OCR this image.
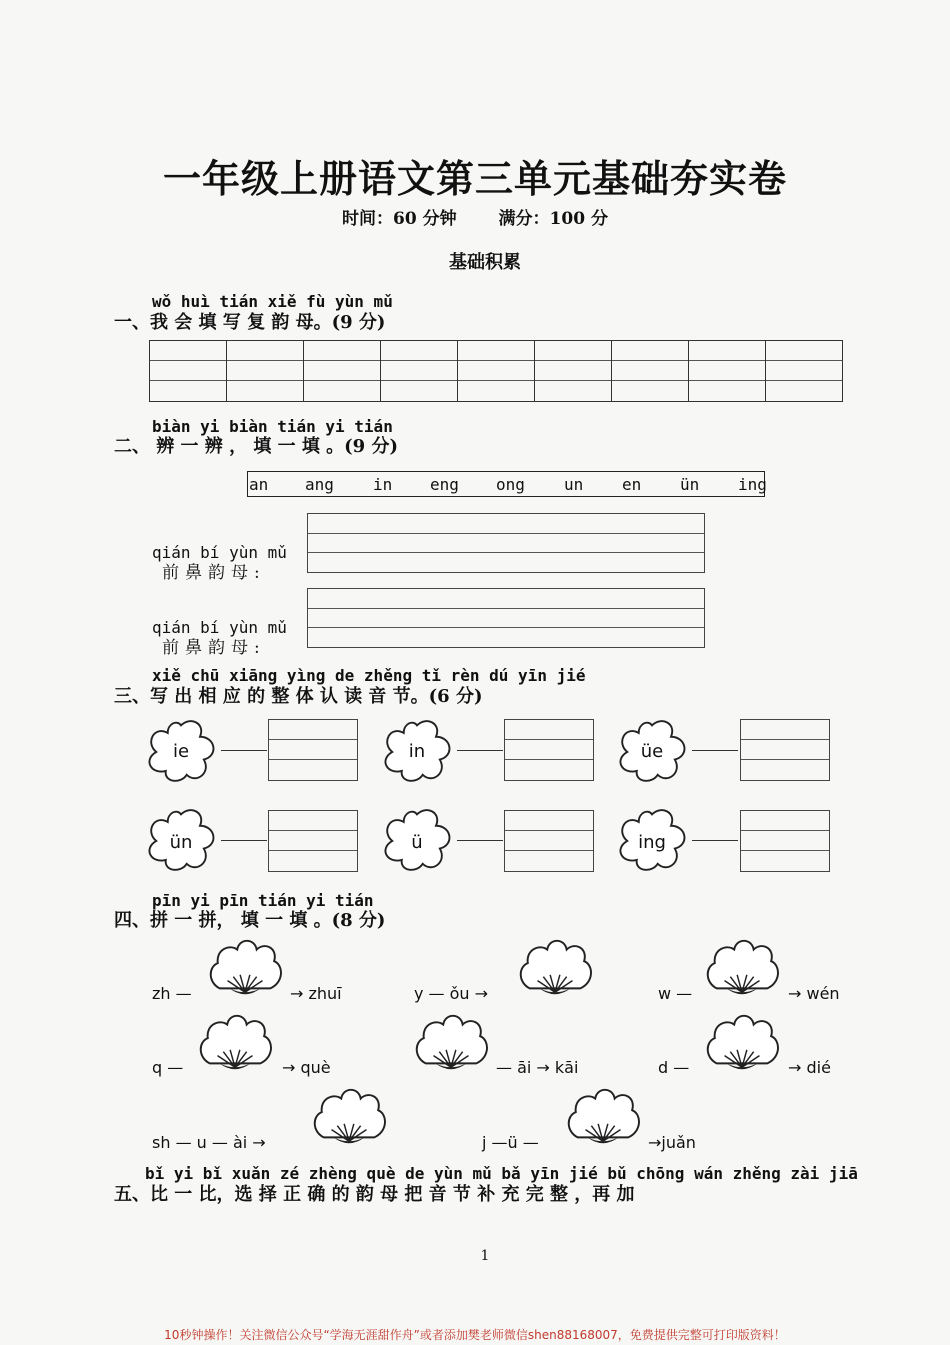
一年级上册语文第三单元基础夯实卷
时间：60 分钟 满分：100 分
基础积累
wǒ huì tián xiě fù yùn mǔ
一、我 会 填 写 复 韵 母。(9 分)
biàn yi biàn tián yi tián
二、 辨 一 辨 ， 填 一 填 。(9 分)
an ang in eng ong un en ün ing
qián bí yùn mǔ
前鼻韵母:
qián bí yùn mǔ
前鼻韵母:
xiě chū xiāng yìng de zhěng tǐ rèn dú yīn jié
三、写 出 相 应 的 整 体 认 读 音 节。(6 分)
ie	in	üe
ün	ü	ing
pīn yi pīn tián yi tián
四、拼 一 拼， 填 一 填 。(8 分)
zh —	→ zhuī	y — ǒu →	w —	→ wén
q —	→ què	— āi → kāi	d —	→ dié
sh — u — ài →	j —ü —	→juǎn
bǐ yi bǐ xuǎn zé zhèng què de yùn mǔ bǎ yīn jié bǔ chōng wán zhěng zài jiā
五、比 一 比，选 择 正 确 的 韵 母 把 音 节 补 充 完 整 ，再 加
1
10秒钟操作！关注微信公众号“学海无涯甜作舟”或者添加樊老师微信shen88168007，免费提供完整可打印版资料！
